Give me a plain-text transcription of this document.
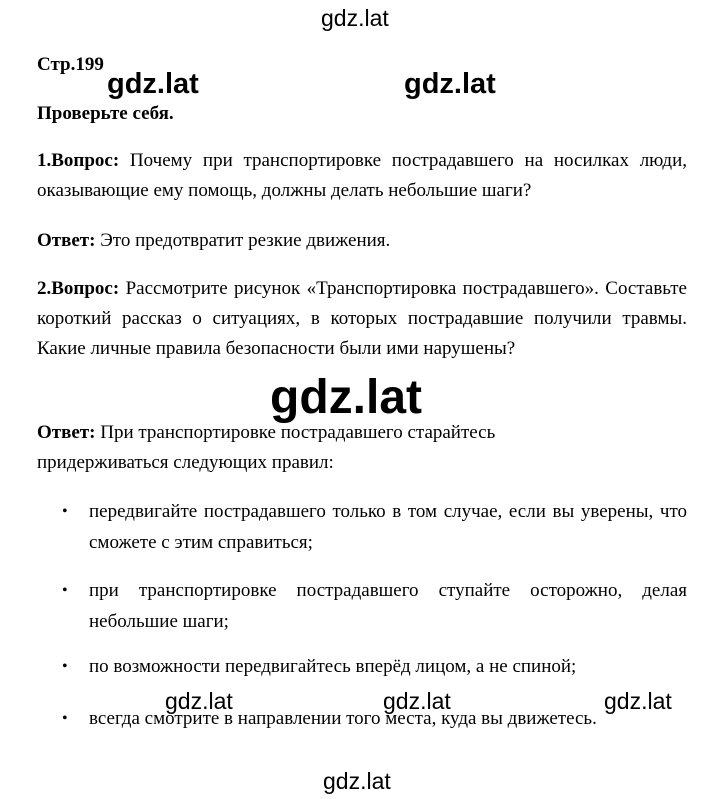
Стр.199
Проверьте себя.
1.Вопрос: Почему при транспортировке пострадавшего на носилках люди, оказывающие ему помощь, должны делать небольшие шаги?
Ответ: Это предотвратит резкие движения.
2.Вопрос: Рассмотрите рисунок «Транспортировка пострадавшего». Составьте короткий рассказ о ситуациях, в которых пострадавшие получили травмы. Какие личные правила безопасности были ими нарушены?
Ответ: При транспортировке пострадавшего старайтесь придерживаться следующих правил:
• передвигайте пострадавшего только в том случае, если вы уверены, что сможете с этим справиться;
• при транспортировке пострадавшего ступайте осторожно, делая небольшие шаги;
• по возможности передвигайтесь вперёд лицом, а не спиной;
• всегда смотрите в направлении того места, куда вы движетесь.
gdz.lat
gdz.lat	gdz.lat
gdz.lat
gdz.lat	gdz.lat	gdz.lat
gdz.lat
